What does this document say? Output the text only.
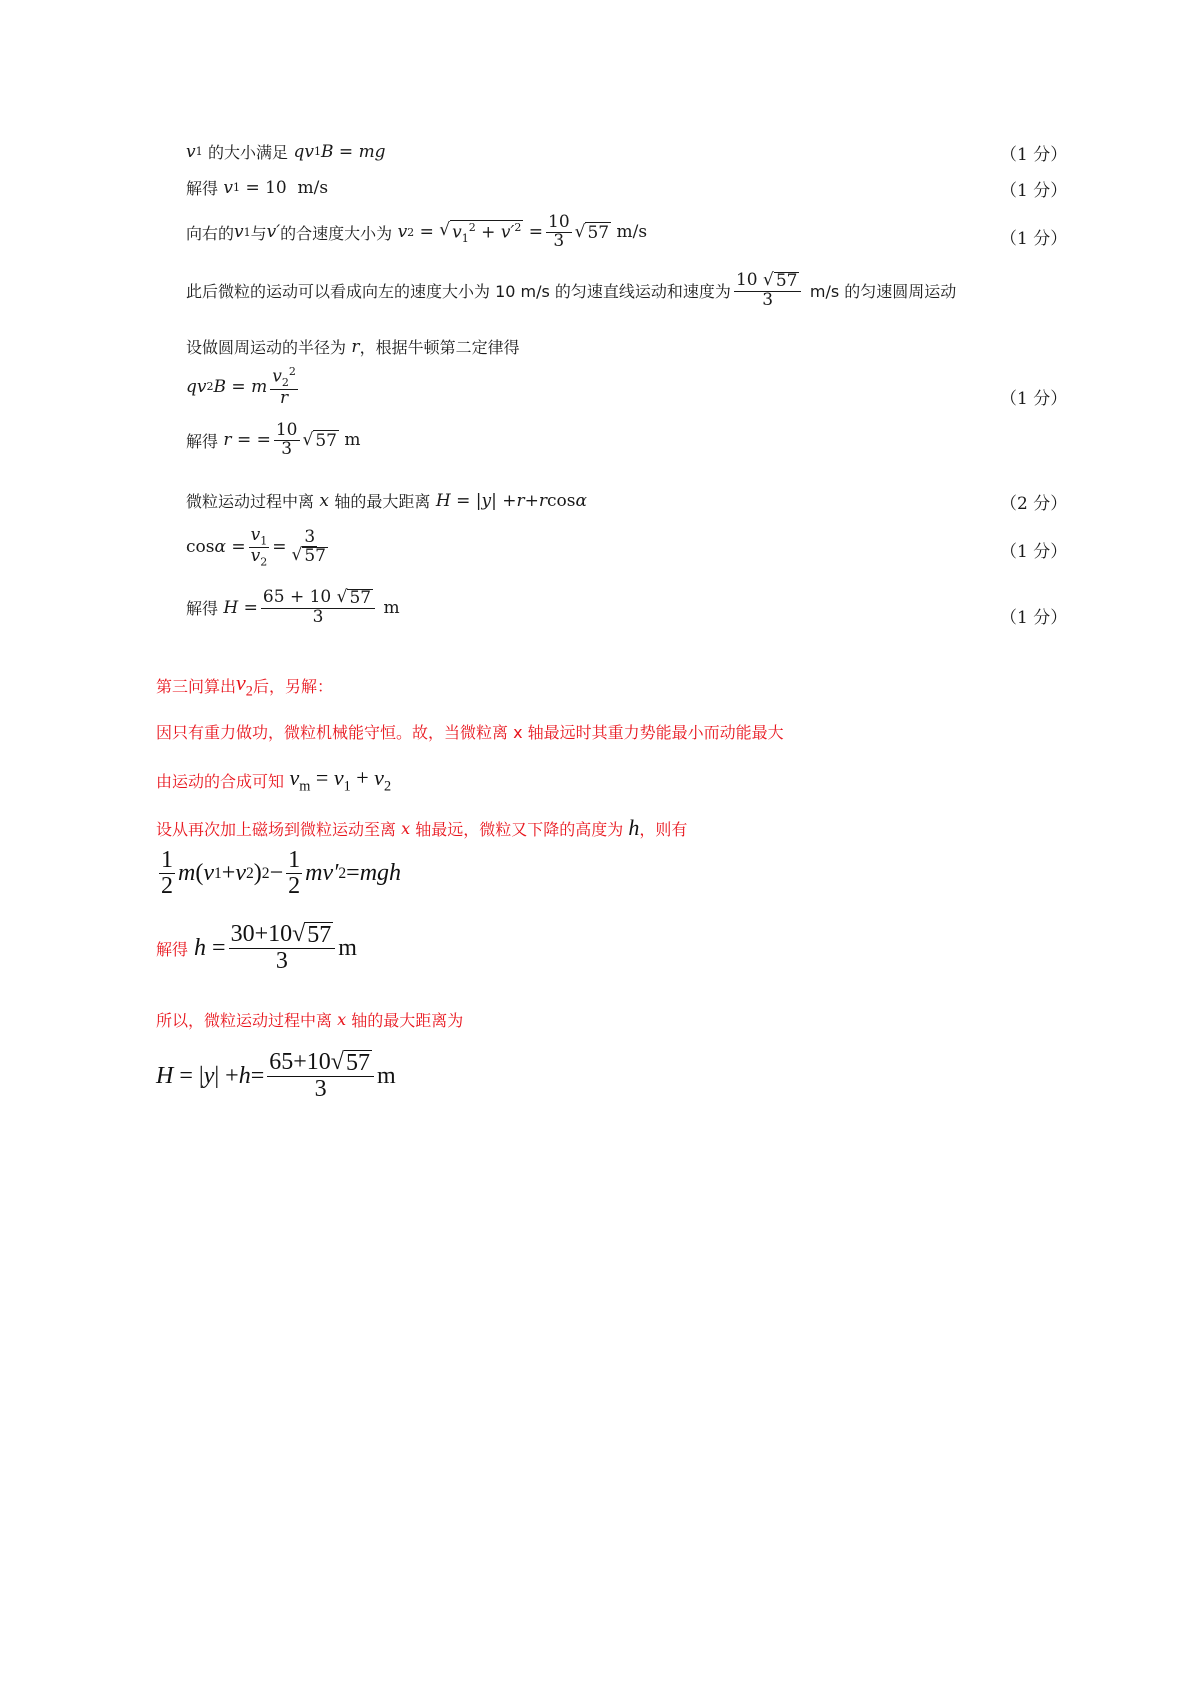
v 1
的大小满足
qv 1 B = mg	（1 分）
解得
v 1 = 10  m/s	（1 分）
向右的 v 1 与 v′ 的合速度大小为
v 2 = √ $v_1^2 + v'^2 = \frac{10}{3}$ √ 57
m/s	（1 分）
此后微粒的运动可以看成向左的速度大小为 10 m/s 的匀速直线运动和速度为 $\frac{10 √ 57}{3}$
m/s 的匀速圆周运动
设做圆周运动的半径为
r ，根据牛顿第二定律得
qv 2 B = m $\frac{v_2^2}{r}$	（1 分）
解得
r = = $\frac{10}{3}$ √ 57
m
微粒运动过程中离
x
轴的最大距离
H = | y | + r + r cos α	（2 分）
$\cos \alpha = \frac{v_1}{v_2} = \frac{3}{√ 57}$	（1 分）
解得
$H = \frac{65 + 10 √ 57}{3}$
m
（1 分）
第三问算出 $v_2$ 后，另解：
因只有重力做功，微粒机械能守恒。故，当微粒离 x 轴最远时其重力势能最小而动能最大
由运动的合成可知 $v_m = v_1 + v_2$
设从再次加上磁场到微粒运动至离
x
轴最远，微粒又下降的高度为
h ，则有
$\frac{1}{2}$ m ( v 1 + v 2 ) $2 - \frac{1}{2} mv'$ 2 = mgh
解得
$h = \frac{30+10 √ 57}{3}$ m
所以，微粒运动过程中离
x
轴的最大距离为
H = | y | + $h = \frac{65+10 √ 57}{3}$ m
